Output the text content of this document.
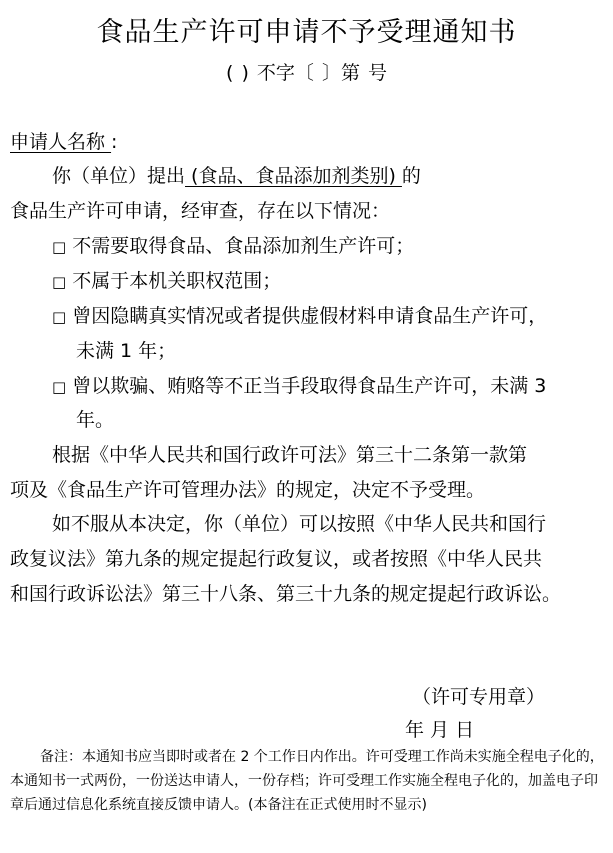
食品生产许可申请不予受理通知书
( ) 不字〔 〕第 号
申请人名称 :
你（单位）提出 (食品、食品添加剂类别) 的
食品生产许可申请，经审查，存在以下情况：
□ 不需要取得食品、食品添加剂生产许可；
□ 不属于本机关职权范围；
□ 曾因隐瞒真实情况或者提供虚假材料申请食品生产许可，
未满 1 年；
□ 曾以欺骗、贿赂等不正当手段取得食品生产许可，未满 3
年。
根据《中华人民共和国行政许可法》第三十二条第一款第
项及《食品生产许可管理办法》的规定，决定不予受理。
如不服从本决定，你（单位）可以按照《中华人民共和国行
政复议法》第九条的规定提起行政复议，或者按照《中华人民共
和国行政诉讼法》第三十八条、第三十九条的规定提起行政诉讼。
（许可专用章）
年 月 日
备注：本通知书应当即时或者在 2 个工作日内作出。许可受理工作尚未实施全程电子化的，本通知书一式两份，一份送达申请人，一份存档；许可受理工作实施全程电子化的，加盖电子印章后通过信息化系统直接反馈申请人。(本备注在正式使用时不显示)
